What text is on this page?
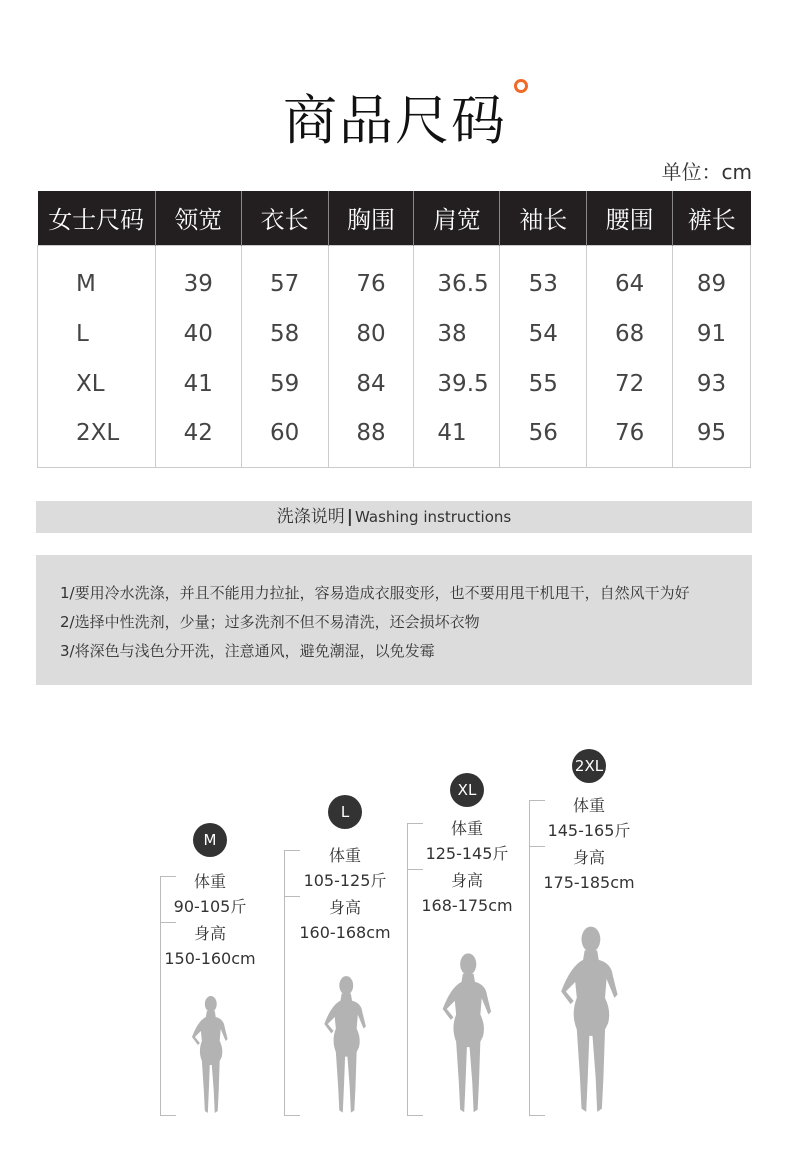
商品尺码
单位：cm
女士尺码	领宽	衣长	胸围	肩宽	袖长	腰围	裤长
M	39	57	76	36.5	53	64	89
L	40	58	80	38	54	68	91
XL	41	59	84	39.5	55	72	93
2XL	42	60	88	41	56	76	95
洗涤说明 | Washing instructions
1/要用冷水洗涤，并且不能用力拉扯，容易造成衣服变形，也不要用甩干机甩干，自然风干为好
2/选择中性洗剂，少量；过多洗剂不但不易清洗，还会损坏衣物
3/将深色与浅色分开洗，注意通风，避免潮湿，以免发霉
M
体重
90-105斤
身高
150-160cm
L
体重
105-125斤
身高
160-168cm
XL
体重
125-145斤
身高
168-175cm
2XL
体重
145-165斤
身高
175-185cm
